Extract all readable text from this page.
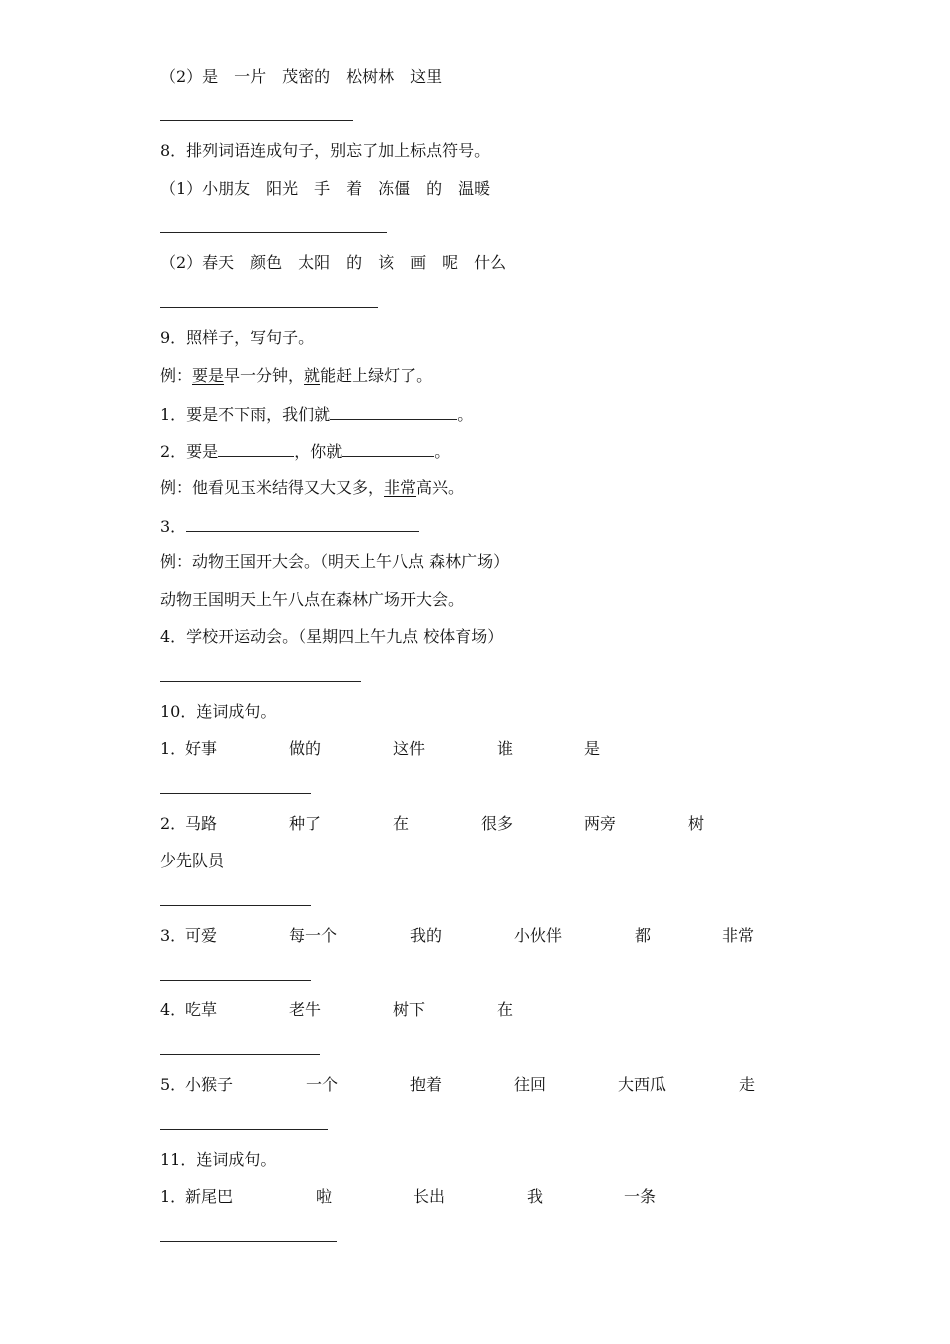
（2）是　一片　茂密的　松树林　这里
8．排列词语连成句子，别忘了加上标点符号。
（1）小朋友　阳光　手　着　冻僵　的　温暖
（2）春天　颜色　太阳　的　该　画　呢　什么
9．照样子，写句子。
例：要是早一分钟，就能赶上绿灯了。
1．要是不下雨，我们就	。
2．要是	，你就	。
例：他看见玉米结得又大又多，非常高兴。
3．
例：动物王国开大会。（明天上午八点 森林广场）
动物王国明天上午八点在森林广场开大会。
4．学校开运动会。（星期四上午九点 校体育场）
10．连词成句。
1．
好事	做的	这件	谁	是
2．
马路	种了	在	很多	两旁	树
少先队员
3．
可爱	每一个	我的	小伙伴	都	非常
4．
吃草	老牛	树下	在
5．
小猴子	一个	抱着	往回	大西瓜	走
11．连词成句。
1．
新尾巴	啦	长出	我	一条
